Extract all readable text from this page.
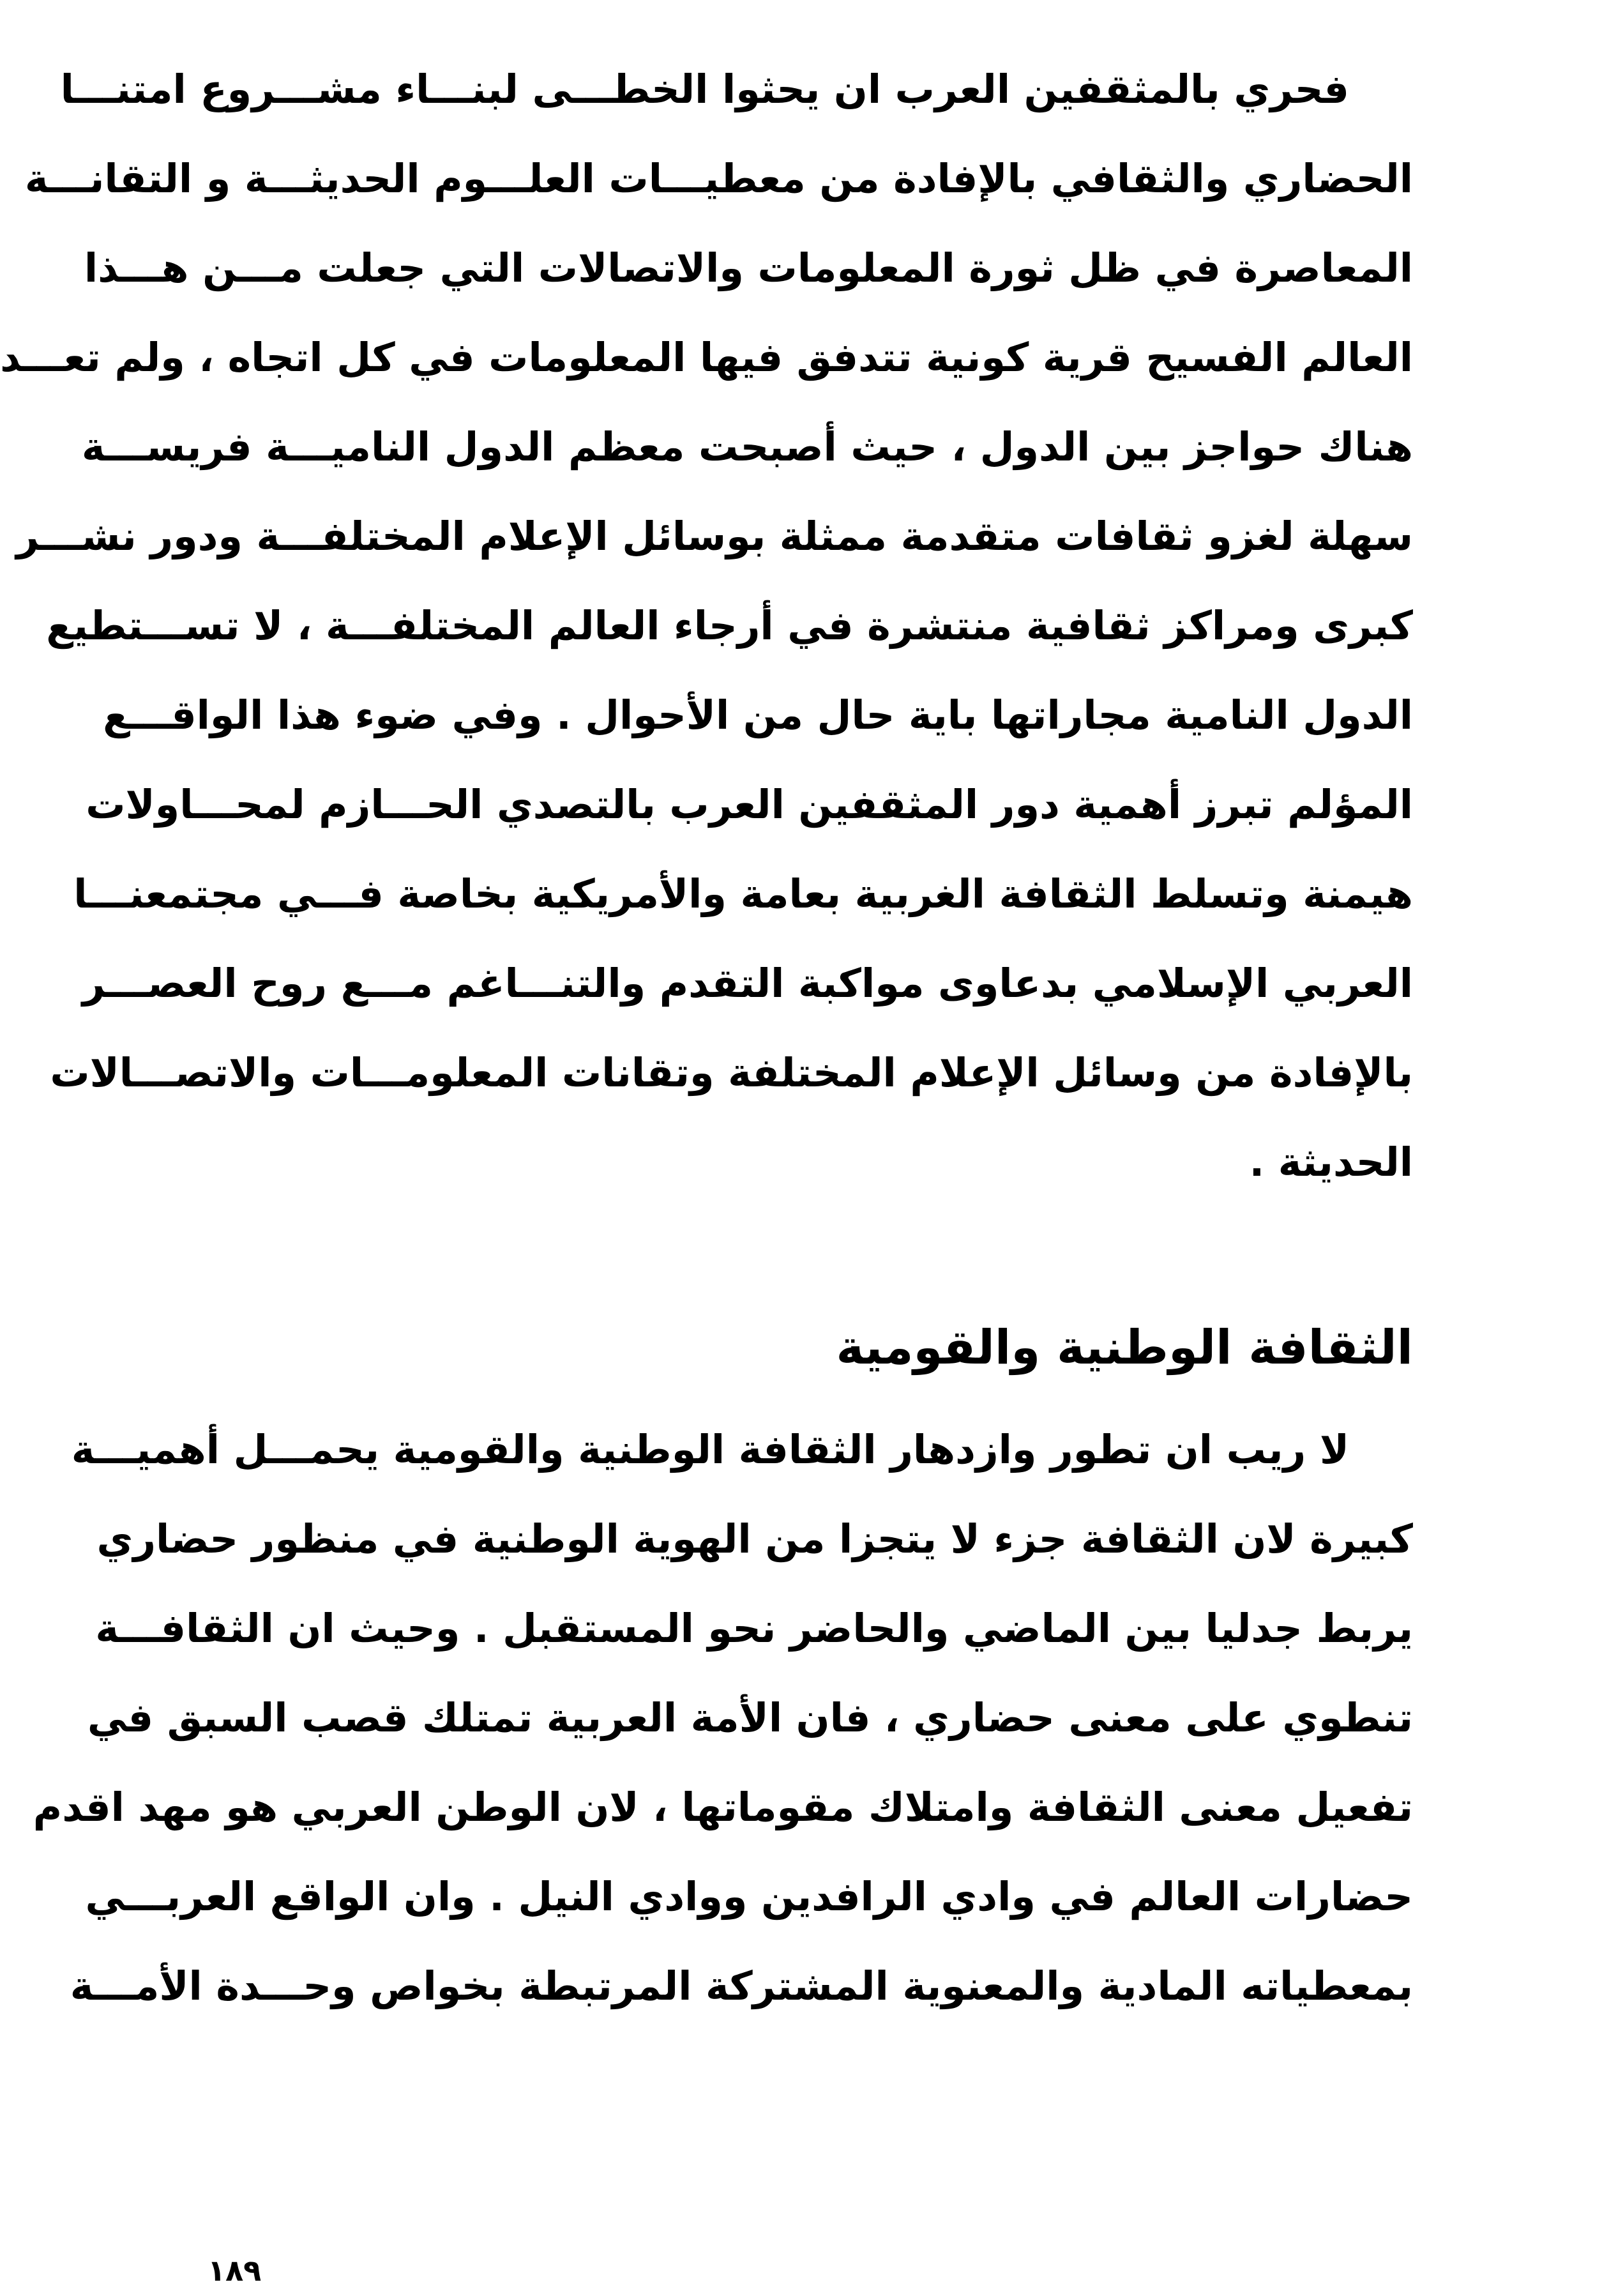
فحري بالمثقفين العرب ان يحثوا الخطـــى لبنـــاء مشـــروع امتنـــا
الحضاري والثقافي بالإفادة من معطيـــات العلـــوم الحديثـــة و التقانـــة
المعاصرة في ظل ثورة المعلومات والاتصالات التي جعلت مـــن هـــذا
العالم الفسيح قرية كونية تتدفق فيها المعلومات في كل اتجاه ، ولم تعـــد
هناك حواجز بين الدول ، حيث أصبحت معظم الدول الناميـــة فريســـة
سهلة لغزو ثقافات متقدمة ممثلة بوسائل الإعلام المختلفـــة ودور نشـــر
كبرى ومراكز ثقافية منتشرة في أرجاء العالم المختلفـــة ، لا تســـتطيع
الدول النامية مجاراتها باية حال من الأحوال . وفي ضوء هذا الواقـــع
المؤلم تبرز أهمية دور المثقفين العرب بالتصدي الحـــازم لمحـــاولات
هيمنة وتسلط الثقافة الغربية بعامة والأمريكية بخاصة فـــي مجتمعنـــا
العربي الإسلامي بدعاوى مواكبة التقدم والتنـــاغم مـــع روح العصـــر
بالإفادة من وسائل الإعلام المختلفة وتقانات المعلومـــات والاتصـــالات
الحديثة .
الثقافة الوطنية والقومية
لا ريب ان تطور وازدهار الثقافة الوطنية والقومية يحمـــل أهميـــة
كبيرة لان الثقافة جزء لا يتجزا من الهوية الوطنية في منظور حضاري
يربط جدليا بين الماضي والحاضر نحو المستقبل . وحيث ان الثقافـــة
تنطوي على معنى حضاري ، فان الأمة العربية تمتلك قصب السبق في
تفعيل معنى الثقافة وامتلاك مقوماتها ، لان الوطن العربي هو مهد اقدم
حضارات العالم في وادي الرافدين ووادي النيل . وان الواقع العربـــي
بمعطياته المادية والمعنوية المشتركة المرتبطة بخواص وحـــدة الأمـــة
١٨٩
